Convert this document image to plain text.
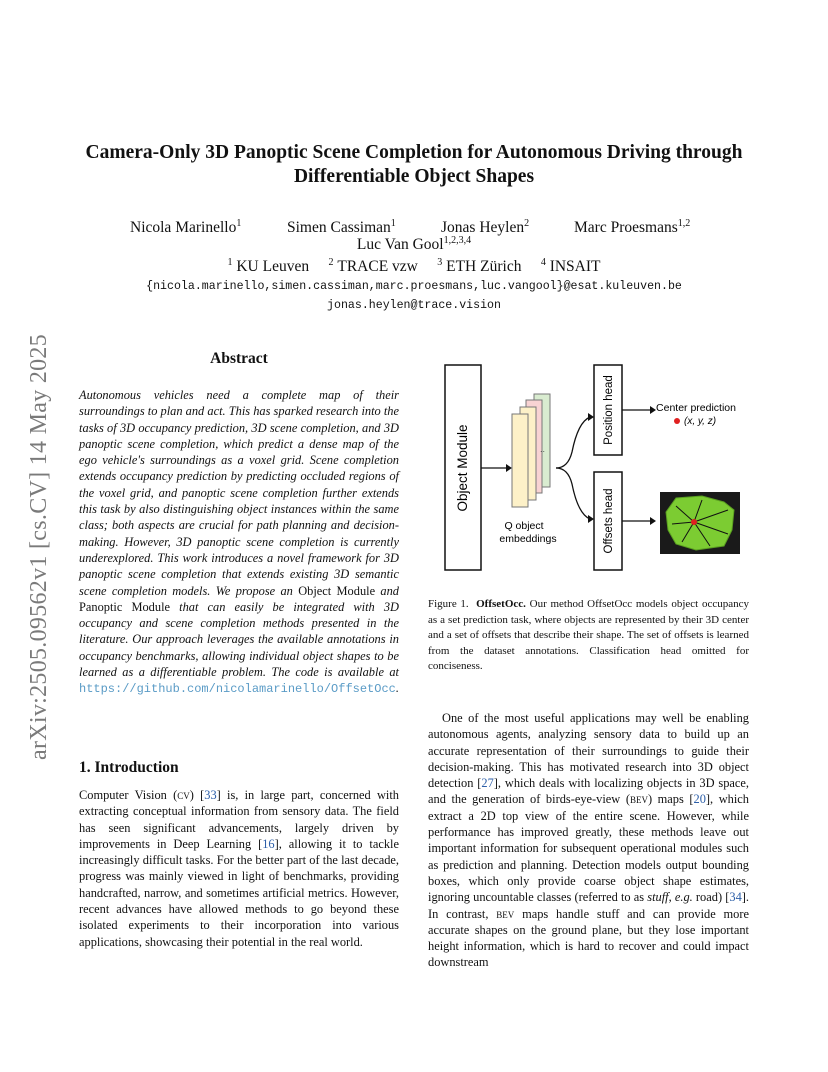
arXiv:2505.09562v1 [cs.CV] 14 May 2025
Camera-Only 3D Panoptic Scene Completion for Autonomous Driving through
Differentiable Object Shapes
Nicola Marinello$^1$	Simen Cassiman$^1$	Jonas Heylen$^2$	Marc Proesmans$^{1,2}$
Luc Van Gool$^{1,2,3,4}$
$^1$ KU Leuven $^2$ TRACE vzw $^3$ ETH Zürich $^4$ INSAIT
{nicola.marinello,simen.cassiman,marc.proesmans,luc.vangool}@esat.kuleuven.be
jonas.heylen@trace.vision
Abstract
Autonomous vehicles need a complete map of their surroundings to plan and act. This has sparked research into the tasks of 3D occupancy prediction, 3D scene completion, and 3D panoptic scene completion, which predict a dense map of the ego vehicle's surroundings as a voxel grid. Scene completion extends occupancy prediction by predicting occluded regions of the voxel grid, and panoptic scene completion further extends this task by also distinguishing object instances within the same class; both aspects are crucial for path planning and decision-making. However, 3D panoptic scene completion is currently underexplored. This work introduces a novel framework for 3D panoptic scene completion that extends existing 3D semantic scene completion models. We propose an Object Module and Panoptic Module that can easily be integrated with 3D occupancy and scene completion methods presented in the literature. Our approach leverages the available annotations in occupancy benchmarks, allowing individual object shapes to be learned as a differentiable problem. The code is available at https://github.com/nicolamarinello/OffsetOcc.
1. Introduction
Computer Vision (cv) [33] is, in large part, concerned with extracting conceptual information from sensory data. The field has seen significant advancements, largely driven by improvements in Deep Learning [16], allowing it to tackle increasingly difficult tasks. For the better part of the last decade, progress was mainly viewed in light of benchmarks, providing handcrafted, narrow, and sometimes artificial metrics. However, recent advances have allowed methods to go beyond these isolated experiments to their incorporation into various applications, showcasing their potential in the real world.
Object Module	..
Q object
embeddings
Position head	Center prediction
(x, y, z)
Offsets head
Figure 1. OffsetOcc. Our method OffsetOcc models object occupancy as a set prediction task, where objects are represented by their 3D center and a set of offsets that describe their shape. The set of offsets is learned from the dataset annotations. Classification head omitted for conciseness.
One of the most useful applications may well be enabling autonomous agents, analyzing sensory data to build up an accurate representation of their surroundings to guide their decision-making. This has motivated research into 3D object detection [27], which deals with localizing objects in 3D space, and the generation of birds-eye-view (bev) maps [20], which extract a 2D top view of the entire scene. However, while performance has improved greatly, these methods leave out important information for subsequent operational modules such as prediction and planning. Detection models output bounding boxes, which only provide coarse object shape estimates, ignoring uncountable classes (referred to as stuff, e.g. road) [34]. In contrast, bev maps handle stuff and can provide more accurate shapes on the ground plane, but they lose important height information, which is hard to recover and could impact downstream
